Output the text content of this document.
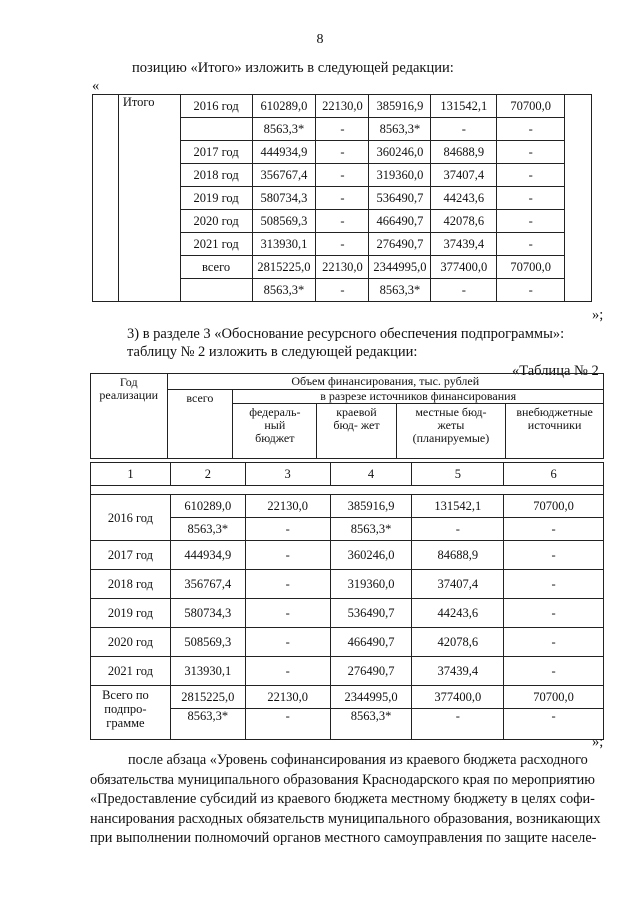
8
позицию «Итого» изложить в следующей редакции:
«
	Итого	2016 год	610289,0	22130,0	385916,9	131542,1	70700,0	
			8563,3*	-	8563,3*	-	-	
		2017 год	444934,9	-	360246,0	84688,9	-	
		2018 год	356767,4	-	319360,0	37407,4	-	
		2019 год	580734,3	-	536490,7	44243,6	-	
		2020 год	508569,3	-	466490,7	42078,6	-	
		2021 год	313930,1	-	276490,7	37439,4	-	
		всего	2815225,0	22130,0	2344995,0	377400,0	70700,0	
			8563,3*	-	8563,3*	-	-	
»;
3) в разделе 3 «Обоснование ресурсного обеспечения подпрограммы»:
таблицу № 2 изложить в следующей редакции:
«Таблица № 2
Год реализации	Объем финансирования, тыс. рублей				
	всего	в разрезе источников финансирования			
		федераль- ный бюджет	краевой бюд- жет	местные бюд- жеты (планируемые)	внебюджетные источники
1	2	3	4	5	6

2016 год	610289,0	22130,0	385916,9	131542,1	70700,0
	8563,3*	-	8563,3*	-	-
2017 год	444934,9	-	360246,0	84688,9	-
2018 год	356767,4	-	319360,0	37407,4	-
2019 год	580734,3	-	536490,7	44243,6	-
2020 год	508569,3	-	466490,7	42078,6	-
2021 год	313930,1	-	276490,7	37439,4	-
Всего по подпро- грамме	2815225,0	22130,0	2344995,0	377400,0	70700,0
	8563,3*	-	8563,3*	-	-
»;
после абзаца «Уровень софинансирования из краевого бюджета расходного
обязательства муниципального образования Краснодарского края по мероприятию
«Предоставление субсидий из краевого бюджета местному бюджету в целях софи-
нансирования расходных обязательств муниципального образования, возникающих
при выполнении полномочий органов местного самоуправления по защите населе-
